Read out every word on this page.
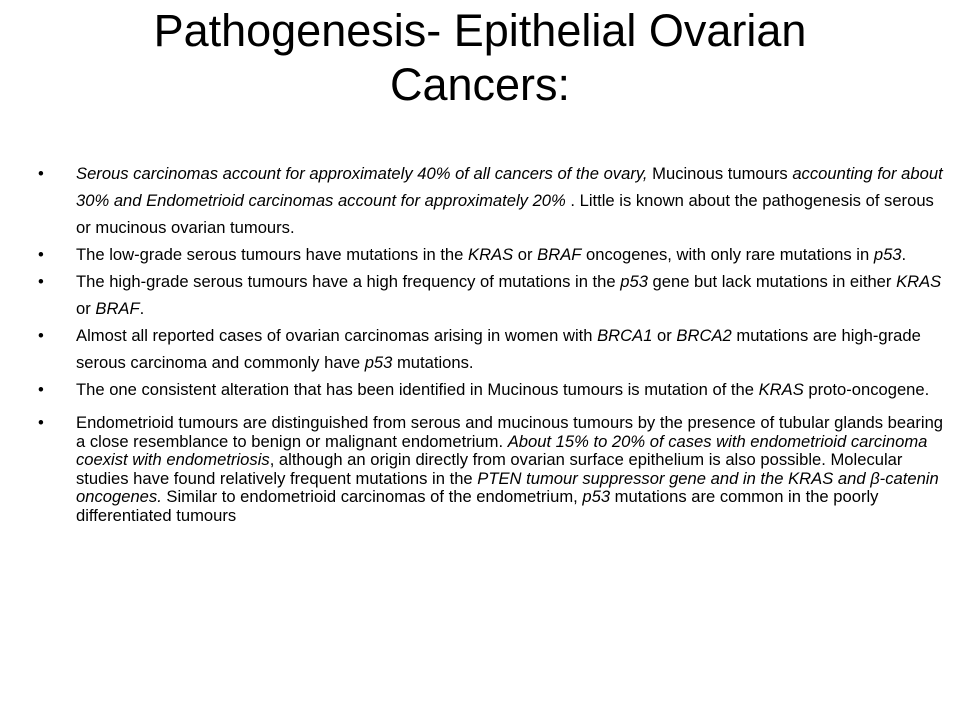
Pathogenesis- Epithelial Ovarian
Cancers:
• Serous carcinomas account for approximately 40% of all cancers of the ovary, Mucinous tumours accounting for about 30% and Endometrioid carcinomas account for approximately 20% . Little is known about the pathogenesis of serous or mucinous ovarian tumours.
• The low-grade serous tumours have mutations in the KRAS or BRAF oncogenes, with only rare mutations in p53.
• The high-grade serous tumours have a high frequency of mutations in the p53 gene but lack mutations in either KRAS or BRAF.
• Almost all reported cases of ovarian carcinomas arising in women with BRCA1 or BRCA2 mutations are high-grade serous carcinoma and commonly have p53 mutations.
• The one consistent alteration that has been identified in Mucinous tumours is mutation of the KRAS proto-oncogene.
• Endometrioid tumours are distinguished from serous and mucinous tumours by the presence of tubular glands bearing a close resemblance to benign or malignant endometrium. About 15% to 20% of cases with endometrioid carcinoma coexist with endometriosis, although an origin directly from ovarian surface epithelium is also possible. Molecular studies have found relatively frequent mutations in the PTEN tumour suppressor gene and in the KRAS and β-catenin oncogenes. Similar to endometrioid carcinomas of the endometrium, p53 mutations are common in the poorly differentiated tumours
